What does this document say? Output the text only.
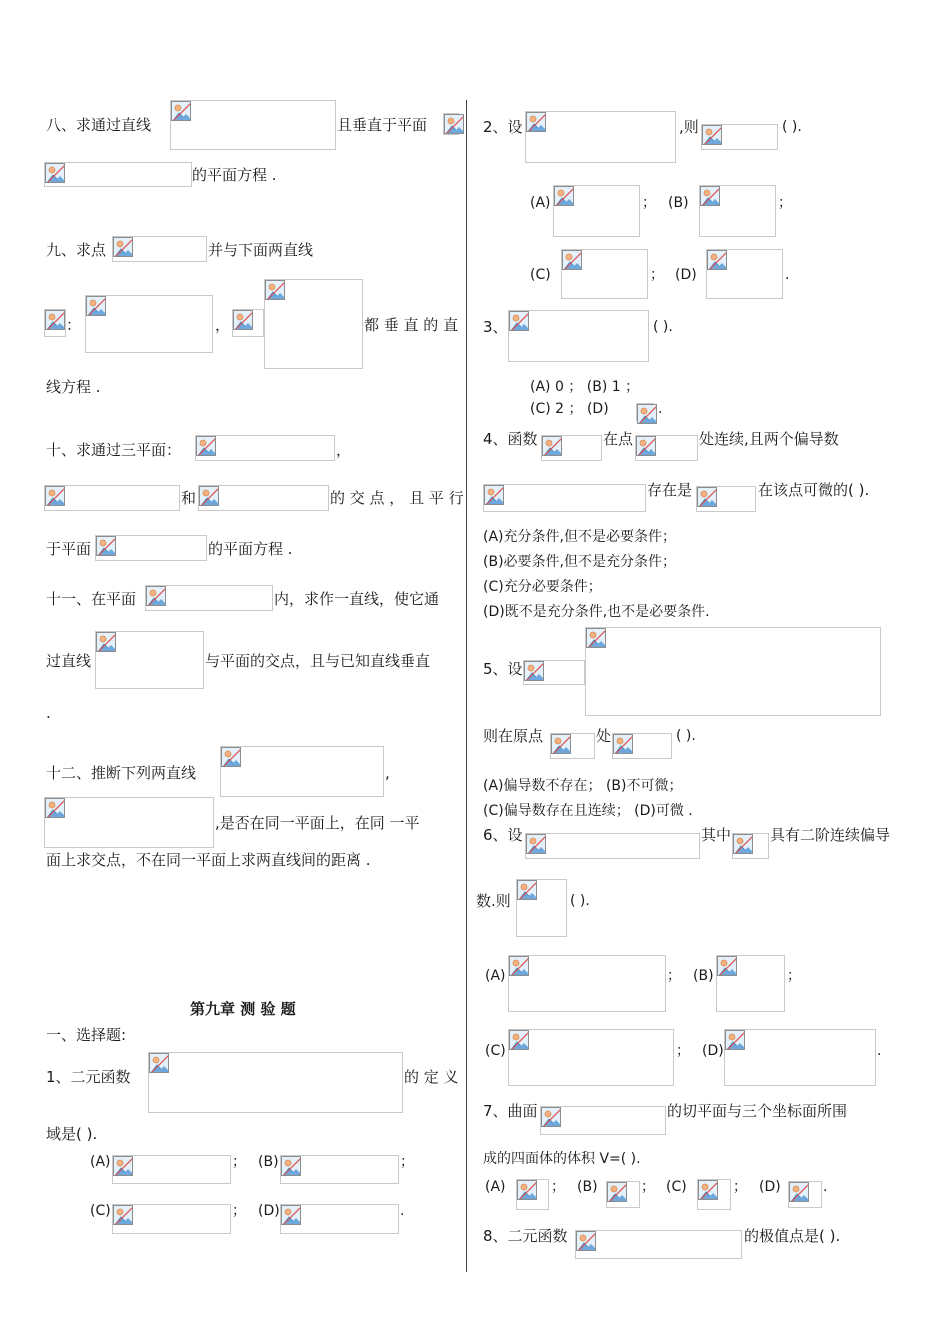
八、求通过直线	且垂直于平面
的平面方程 .
九、求点	并与下面两直线
：	，	都 垂 直 的 直
线方程 .
十、求通过三平面：	，
和	的 交 点 ， 且 平 行
于平面	的平面方程 .
十一、在平面	内，求作一直线，使它通
过直线	与平面的交点，且与已知直线垂直
.
十二、推断下列两直线	,
,是否在同一平面上，在同 一平
面上求交点，不在同一平面上求两直线间的距离 .
第九章 测 验 题
一、选择题:
1、二元函数	的 定 义
域是( ).
(A)	； (B)	；
(C)	； (D)	.
2、设	,则	( ).
(A)	； (B)	；
(C)	； (D)	.
3、	( ).
(A) 0 ； (B) 1 ；
(C) 2 ； (D)	.
4、函数	在点	处连续,且两个偏导数
存在是	在该点可微的( ).
(A)充分条件,但不是必要条件；
(B)必要条件,但不是充分条件；
(C)充分必要条件；
(D)既不是充分条件,也不是必要条件.
5、设
则在原点	处	( ).
(A)偏导数不存在； (B)不可微；
(C)偏导数存在且连续； (D)可微 .
6、设	其中	具有二阶连续偏导
数.则	( ).
(A)	； (B)	；
(C)	； (D)	.
7、曲面	的切平面与三个坐标面所围
成的四面体的体积 V=( ).
(A)	； (B)	； (C)	； (D)	.
8、二元函数	的极值点是( ).
